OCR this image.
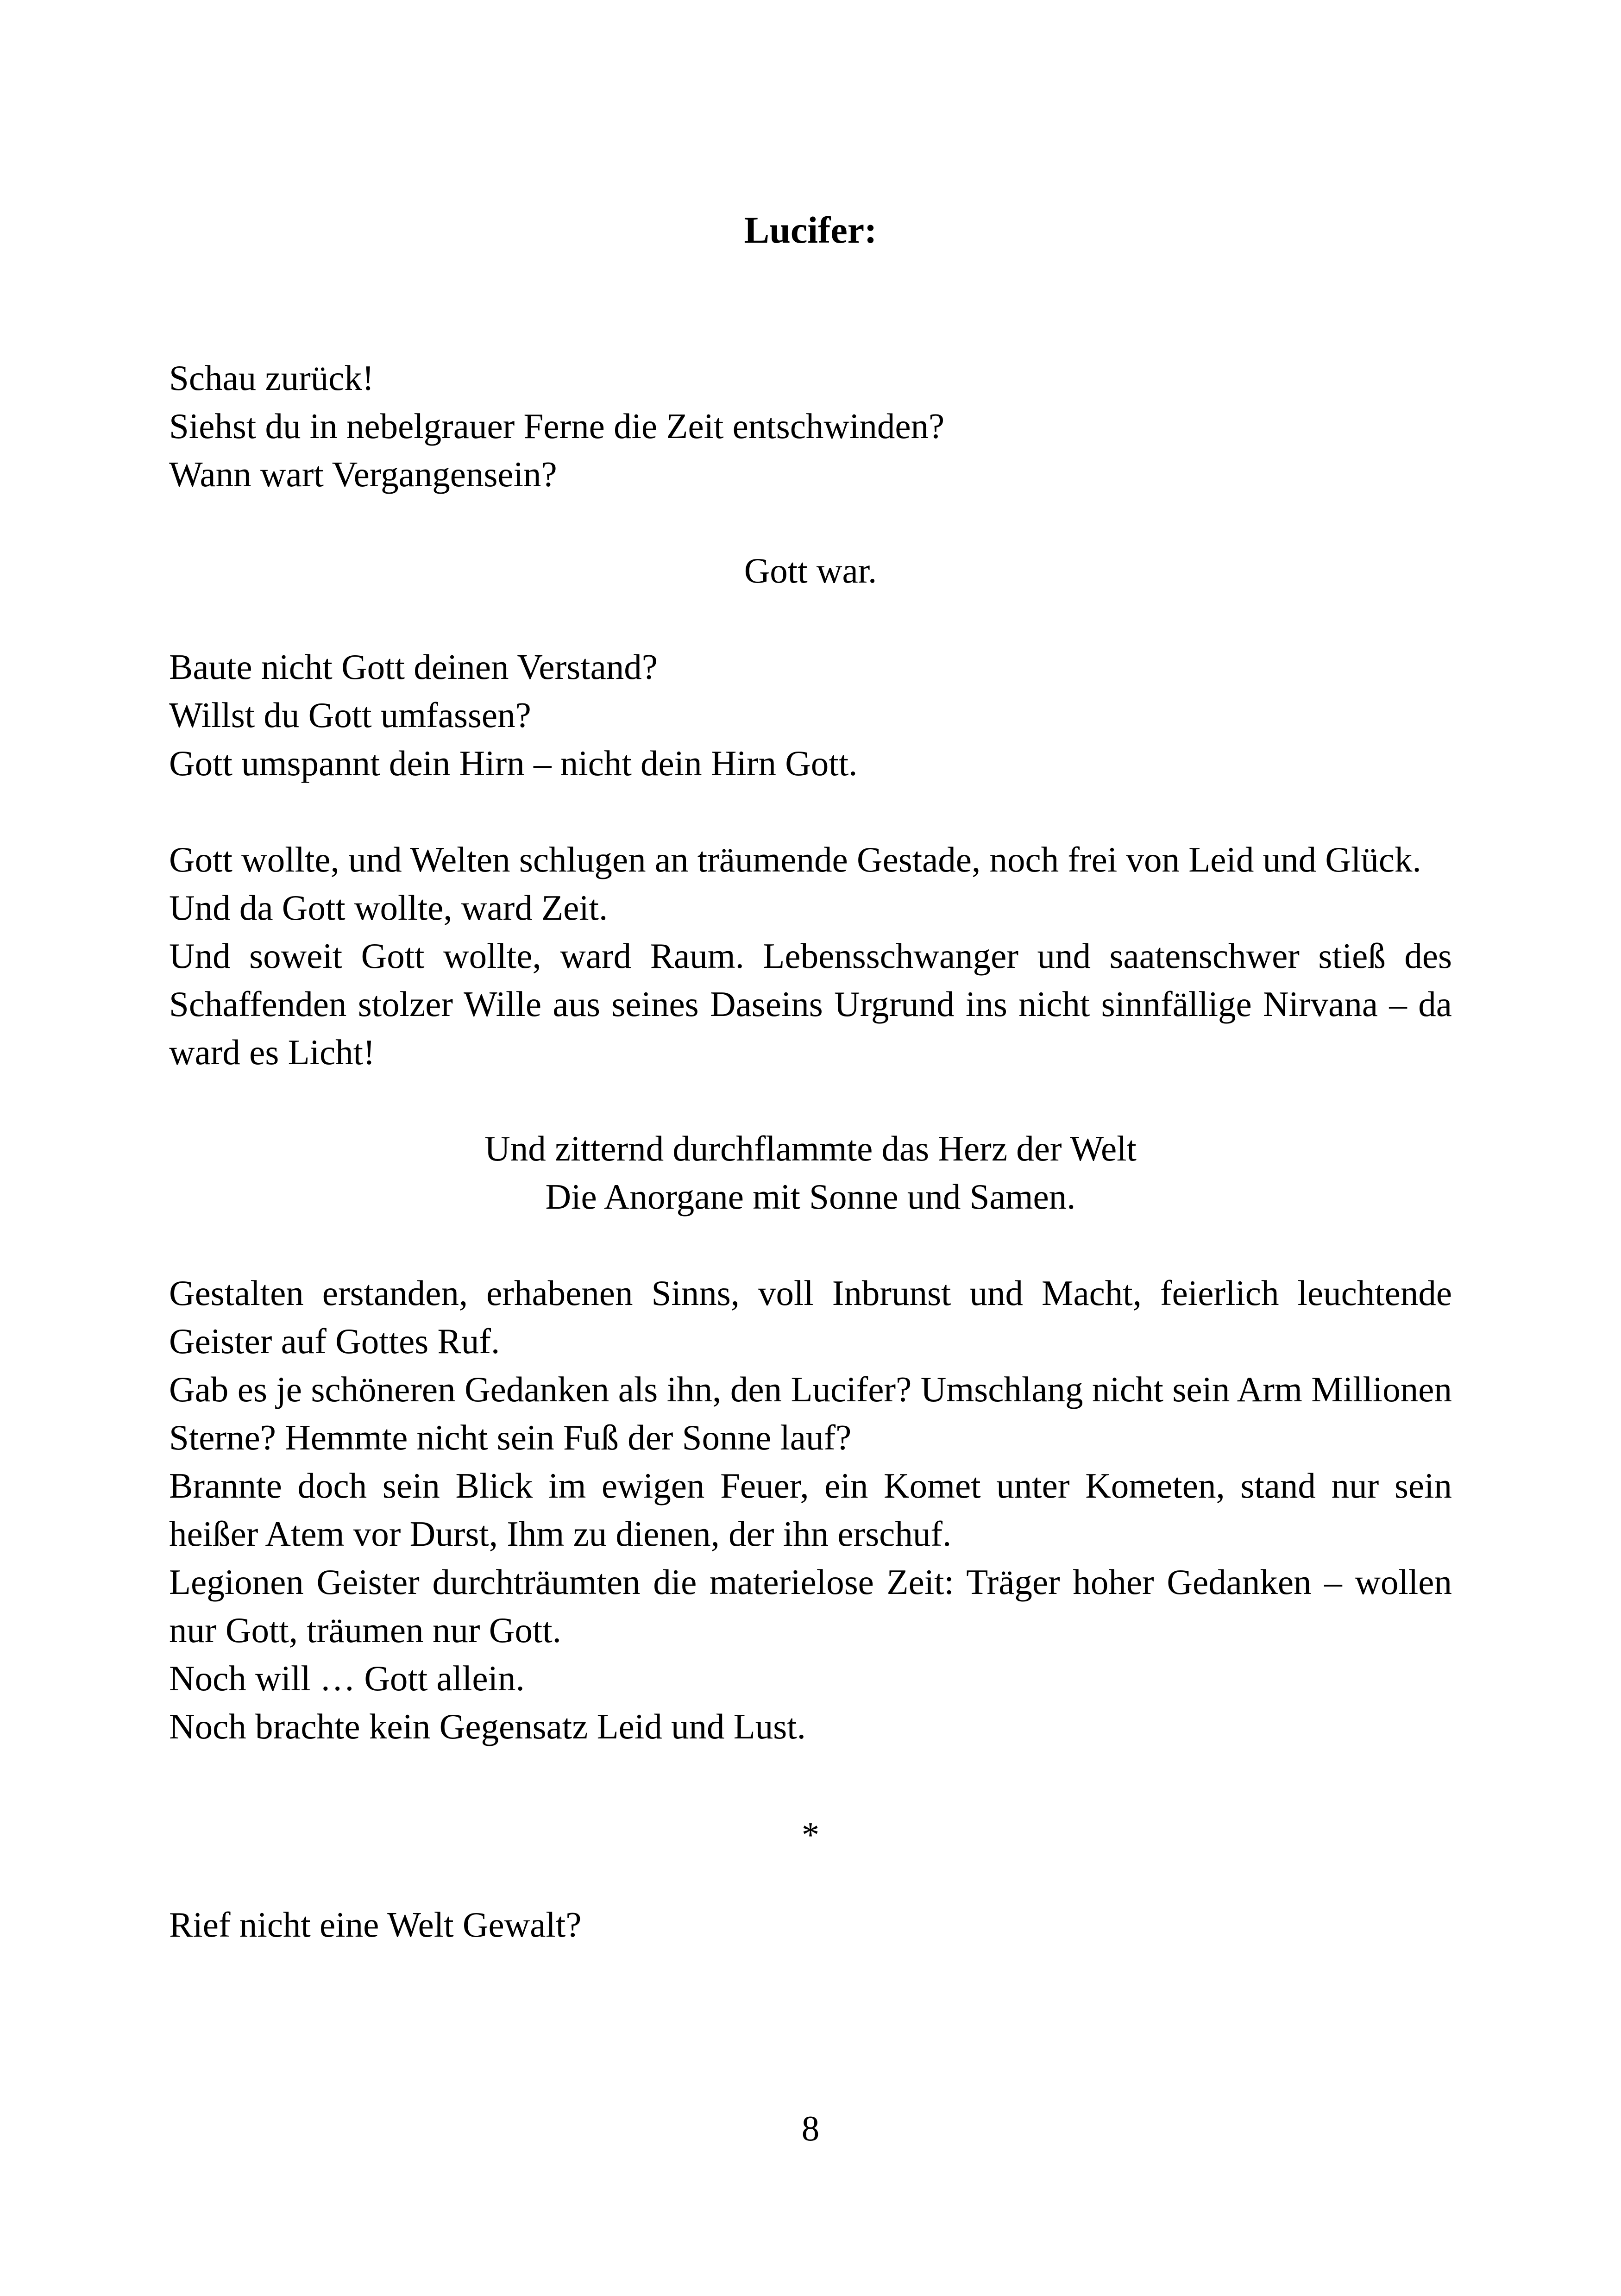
Lucifer:

Schau zurück!

Siehst du in nebelgrauer Ferne die Zeit entschwinden?

Wann wart Vergangensein?

Gott war.

Baute nicht Gott deinen Verstand?

Willst du Gott umfassen?

Gott umspannt dein Hirn – nicht dein Hirn Gott.

Gott wollte, und Welten schlugen an träumende Gestade, noch frei von Leid und Glück.

Und da Gott wollte, ward Zeit.

Und soweit Gott wollte, ward Raum. Lebensschwanger und saatenschwer stieß des Schaffenden stolzer Wille aus seines Daseins Urgrund ins nicht sinnfällige Nirvana – da ward es Licht!

Und zitternd durchflammte das Herz der Welt

Die Anorgane mit Sonne und Samen.

Gestalten erstanden, erhabenen Sinns, voll Inbrunst und Macht, feierlich leuchtende Geister auf Gottes Ruf.

Gab es je schöneren Gedanken als ihn, den Lucifer? Umschlang nicht sein Arm Millionen Sterne? Hemmte nicht sein Fuß der Sonne lauf?

Brannte doch sein Blick im ewigen Feuer, ein Komet unter Kometen, stand nur sein heißer Atem vor Durst, Ihm zu dienen, der ihn erschuf.

Legionen Geister durchträumten die materielose Zeit: Träger hoher Gedanken – wollen nur Gott, träumen nur Gott.

Noch will … Gott allein.

Noch brachte kein Gegensatz Leid und Lust.

*

Rief nicht eine Welt Gewalt?

8
